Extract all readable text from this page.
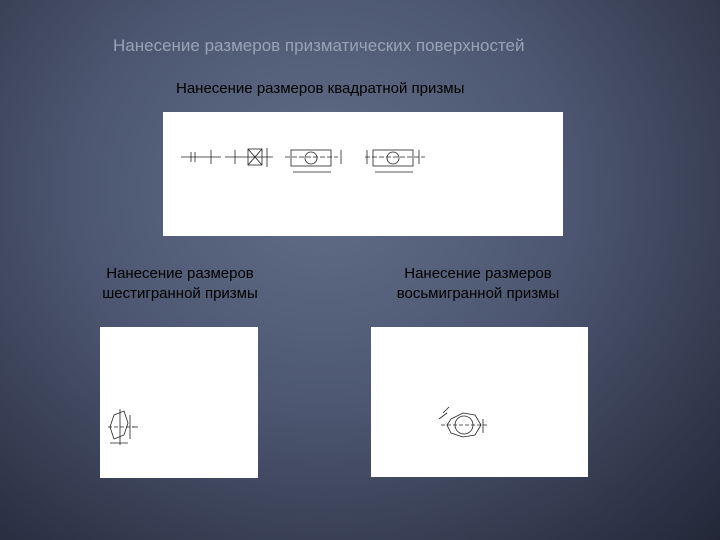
Нанесение размеров призматических поверхностей
Нанесение размеров квадратной призмы
Нанесение размеров
шестигранной призмы
Нанесение размеров
восьмигранной призмы
